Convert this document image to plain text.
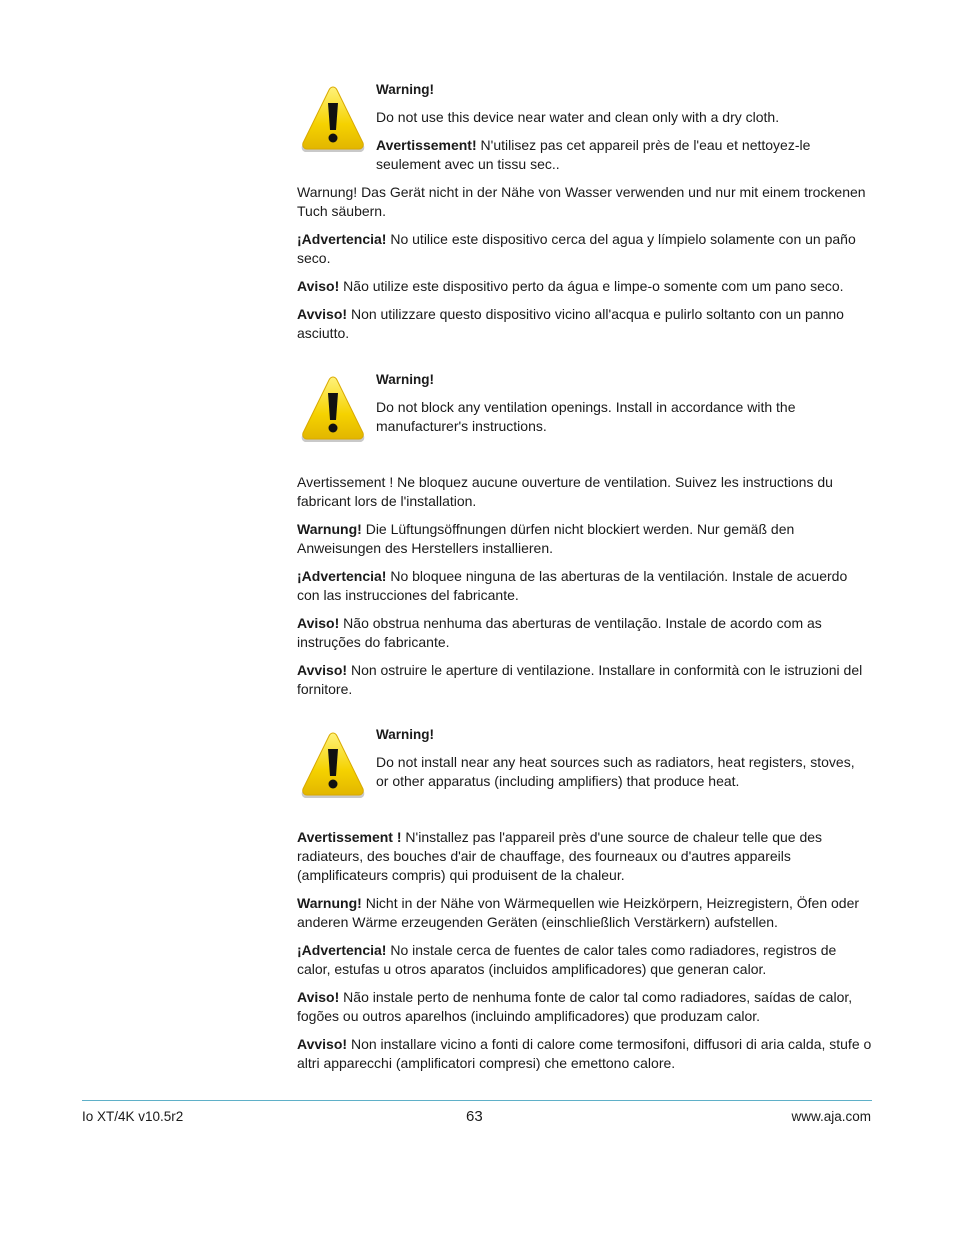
Warning!

Do not use this device near water and clean only with a dry cloth.

Avertissement! N'utilisez pas cet appareil près de l'eau et nettoyez-le seulement avec un tissu sec..

Warnung! Das Gerät nicht in der Nähe von Wasser verwenden und nur mit einem trockenen Tuch säubern.

¡Advertencia! No utilice este dispositivo cerca del agua y límpielo solamente con un paño seco.

Aviso! Não utilize este dispositivo perto da água e limpe-o somente com um pano seco.

Avviso! Non utilizzare questo dispositivo vicino all'acqua e pulirlo soltanto con un panno asciutto.

Warning!

Do not block any ventilation openings. Install in accordance with the manufacturer's instructions.

Avertissement ! Ne bloquez aucune ouverture de ventilation. Suivez les instructions du fabricant lors de l'installation.

Warnung! Die Lüftungsöffnungen dürfen nicht blockiert werden. Nur gemäß den Anweisungen des Herstellers installieren.

¡Advertencia! No bloquee ninguna de las aberturas de la ventilación. Instale de acuerdo con las instrucciones del fabricante.

Aviso! Não obstrua nenhuma das aberturas de ventilação. Instale de acordo com as instruções do fabricante.

Avviso! Non ostruire le aperture di ventilazione. Installare in conformità con le istruzioni del fornitore.

Warning!

Do not install near any heat sources such as radiators, heat registers, stoves, or other apparatus (including amplifiers) that produce heat.

Avertissement ! N'installez pas l'appareil près d'une source de chaleur telle que des radiateurs, des bouches d'air de chauffage, des fourneaux ou d'autres appareils (amplificateurs compris) qui produisent de la chaleur.

Warnung! Nicht in der Nähe von Wärmequellen wie Heizkörpern, Heizregistern, Öfen oder anderen Wärme erzeugenden Geräten (einschließlich Verstärkern) aufstellen.

¡Advertencia! No instale cerca de fuentes de calor tales como radiadores, registros de calor, estufas u otros aparatos (incluidos amplificadores) que generan calor.

Aviso! Não instale perto de nenhuma fonte de calor tal como radiadores, saídas de calor, fogões ou outros aparelhos (incluindo amplificadores) que produzam calor.

Avviso! Non installare vicino a fonti di calore come termosifoni, diffusori di aria calda, stufe o altri apparecchi (amplificatori compresi) che emettono calore.

Io XT/4K v10.5r2	63	www.aja.com
